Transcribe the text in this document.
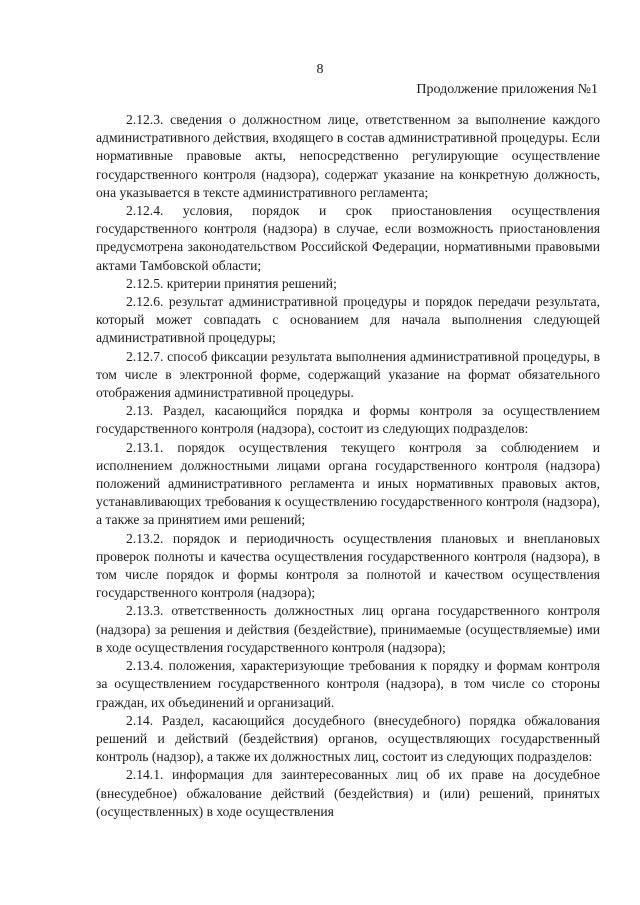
8
Продолжение приложения №1

2.12.3. сведения о должностном лице, ответственном за выполнение каждого административного действия, входящего в состав административной процедуры. Если нормативные правовые акты, непосредственно регулирующие осуществление государственного контроля (надзора), содержат указание на конкретную должность, она указывается в тексте административного регламента;

2.12.4. условия, порядок и срок приостановления осуществления государственного контроля (надзора) в случае, если возможность приостановления предусмотрена законодательством Российской Федерации, нормативными правовыми актами Тамбовской области;

2.12.5. критерии принятия решений;

2.12.6. результат административной процедуры и порядок передачи результата, который может совпадать с основанием для начала выполнения следующей административной процедуры;

2.12.7. способ фиксации результата выполнения административной процедуры, в том числе в электронной форме, содержащий указание на формат обязательного отображения административной процедуры.

2.13. Раздел, касающийся порядка и формы контроля за осуществлением государственного контроля (надзора), состоит из следующих подразделов:

2.13.1. порядок осуществления текущего контроля за соблюдением и исполнением должностными лицами органа государственного контроля (надзора) положений административного регламента и иных нормативных правовых актов, устанавливающих требования к осуществлению государственного контроля (надзора), а также за принятием ими решений;

2.13.2. порядок и периодичность осуществления плановых и внеплановых проверок полноты и качества осуществления государственного контроля (надзора), в том числе порядок и формы контроля за полнотой и качеством осуществления государственного контроля (надзора);

2.13.3. ответственность должностных лиц органа государственного контроля (надзора) за решения и действия (бездействие), принимаемые (осуществляемые) ими в ходе осуществления государственного контроля (надзора);

2.13.4. положения, характеризующие требования к порядку и формам контроля за осуществлением государственного контроля (надзора), в том числе со стороны граждан, их объединений и организаций.

2.14. Раздел, касающийся досудебного (внесудебного) порядка обжалования решений и действий (бездействия) органов, осуществляющих государственный контроль (надзор), а также их должностных лиц, состоит из следующих подразделов:

2.14.1. информация для заинтересованных лиц об их праве на досудебное (внесудебное) обжалование действий (бездействия) и (или) решений, принятых (осуществленных) в ходе осуществления
